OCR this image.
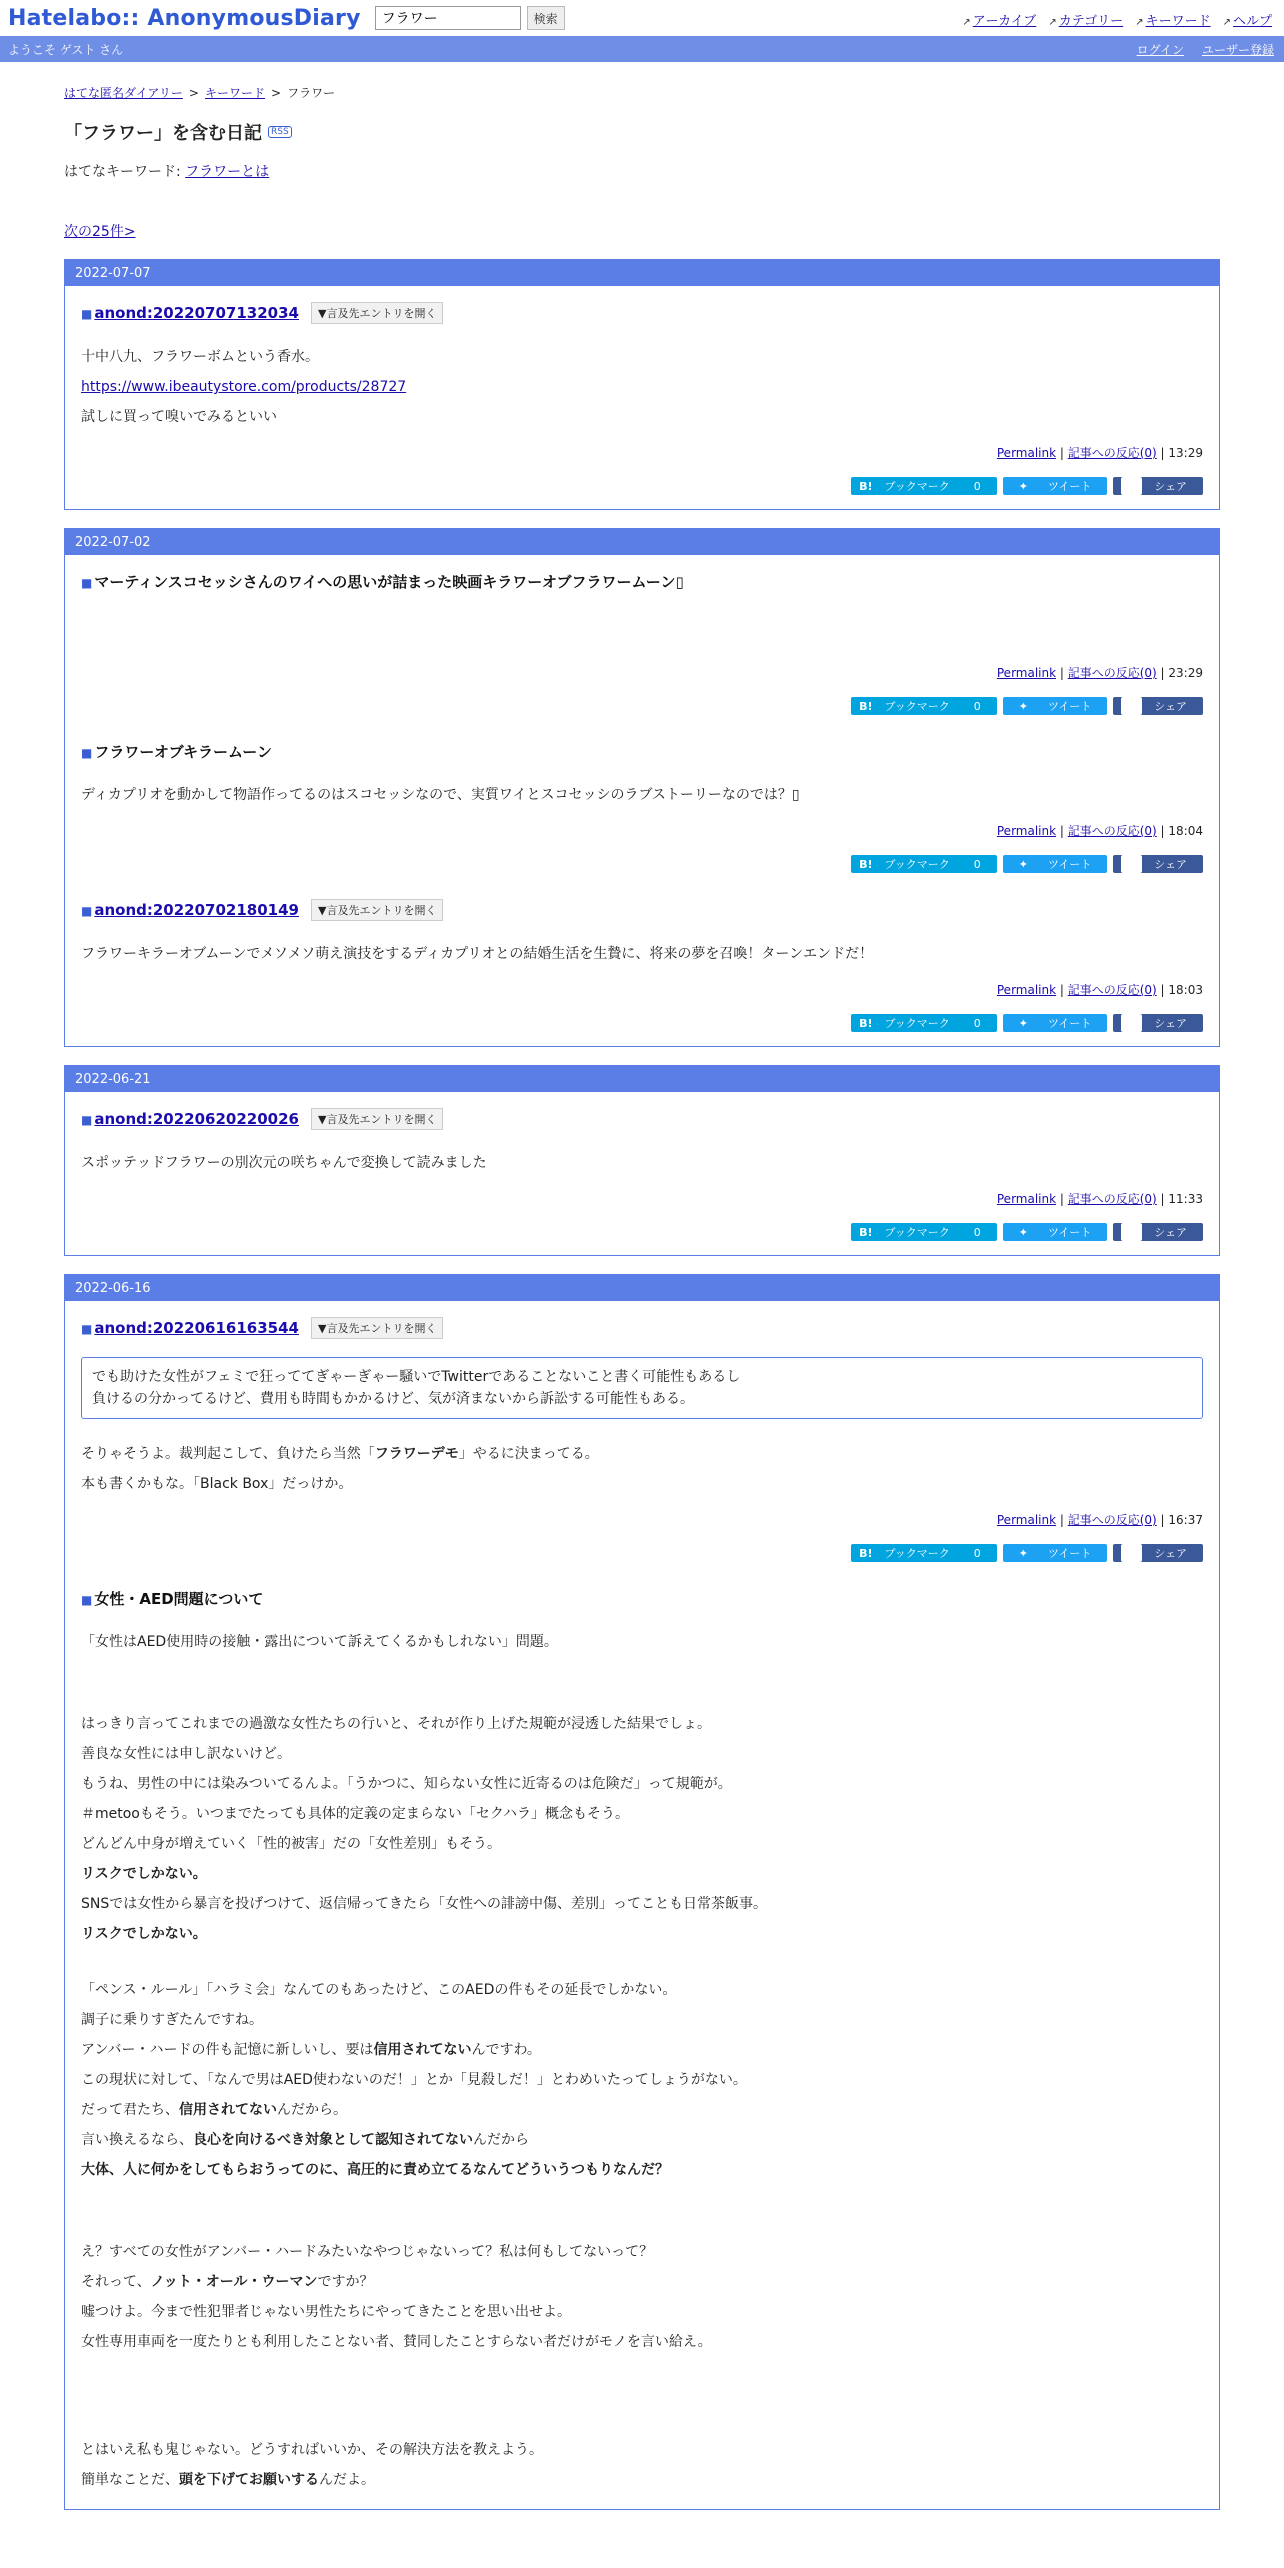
Hatelabo:: AnonymousDiary
フラワー	検索	↗ アーカイブ	↗ カテゴリー	↗ キーワード	↗ ヘルプ
ようこそ ゲスト さん	ログイン ユーザー登録
はてな匿名ダイアリー > キーワード > フラワー
「フラワー」を含む日記	RSS
はてなキーワード: フラワーとは
次の25件>
2022-07-07
■ anond:20220707132034	▼言及先エントリを開く

十中八九、フラワーボムという香水。

https://www.ibeautystore.com/products/28727

試しに買って嗅いでみるといい

Permalink | 記事への反応(0) | 13:29
B!	ブックマーク	0	✦	ツイート	f	シェア
2022-07-02
■ マーティンスコセッシさんのワイへの思いが詰まった映画キラワーオブフラワームーン▯
Permalink | 記事への反応(0) | 23:29
B!	ブックマーク	0	✦	ツイート	f	シェア
■ フラワーオブキラームーン

ディカプリオを動かして物語作ってるのはスコセッシなので、実質ワイとスコセッシのラブストーリーなのでは？▯

Permalink | 記事への反応(0) | 18:04
B!	ブックマーク	0	✦	ツイート	f	シェア
■ anond:20220702180149	▼言及先エントリを開く

フラワーキラーオブムーンでメソメソ萌え演技をするディカプリオとの結婚生活を生贄に、将来の夢を召喚！ターンエンドだ！

Permalink | 記事への反応(0) | 18:03
B!	ブックマーク	0	✦	ツイート	f	シェア
2022-06-21
■ anond:20220620220026	▼言及先エントリを開く

スポッテッドフラワーの別次元の咲ちゃんで変換して読みました

Permalink | 記事への反応(0) | 11:33
B!	ブックマーク	0	✦	ツイート	f	シェア
2022-06-16
■ anond:20220616163544	▼言及先エントリを開く
でも助けた女性がフェミで狂っててぎゃーぎゃー騒いでTwitterであることないこと書く可能性もあるし
負けるの分かってるけど、費用も時間もかかるけど、気が済まないから訴訟する可能性もある。

そりゃそうよ。裁判起こして、負けたら当然「フラワーデモ」やるに決まってる。

本も書くかもな。「Black Box」だっけか。

Permalink | 記事への反応(0) | 16:37
B!	ブックマーク	0	✦	ツイート	f	シェア
■ 女性・AED問題について

「女性はAED使用時の接触・露出について訴えてくるかもしれない」問題。

はっきり言ってこれまでの過激な女性たちの行いと、それが作り上げた規範が浸透した結果でしょ。

善良な女性には申し訳ないけど。

もうね、男性の中には染みついてるんよ。「うかつに、知らない女性に近寄るのは危険だ」って規範が。

＃metooもそう。いつまでたっても具体的定義の定まらない「セクハラ」概念もそう。

どんどん中身が増えていく「性的被害」だの「女性差別」もそう。

リスクでしかない。

SNSでは女性から暴言を投げつけて、返信帰ってきたら「女性への誹謗中傷、差別」ってことも日常茶飯事。

リスクでしかない。

「ペンス・ルール」「ハラミ会」なんてのもあったけど、このAEDの件もその延長でしかない。

調子に乗りすぎたんですね。

アンバー・ハードの件も記憶に新しいし、要は信用されてないんですわ。

この現状に対して、「なんで男はAED使わないのだ！」とか「見殺しだ！」とわめいたってしょうがない。

だって君たち、信用されてないんだから。

言い換えるなら、良心を向けるべき対象として認知されてないんだから

大体、人に何かをしてもらおうってのに、高圧的に責め立てるなんてどういうつもりなんだ？

え？すべての女性がアンバー・ハードみたいなやつじゃないって？私は何もしてないって？

それって、ノット・オール・ウーマンですか？

嘘つけよ。今まで性犯罪者じゃない男性たちにやってきたことを思い出せよ。

女性専用車両を一度たりとも利用したことない者、賛同したことすらない者だけがモノを言い給え。

とはいえ私も鬼じゃない。どうすればいいか、その解決方法を教えよう。

簡単なことだ、頭を下げてお願いするんだよ。
